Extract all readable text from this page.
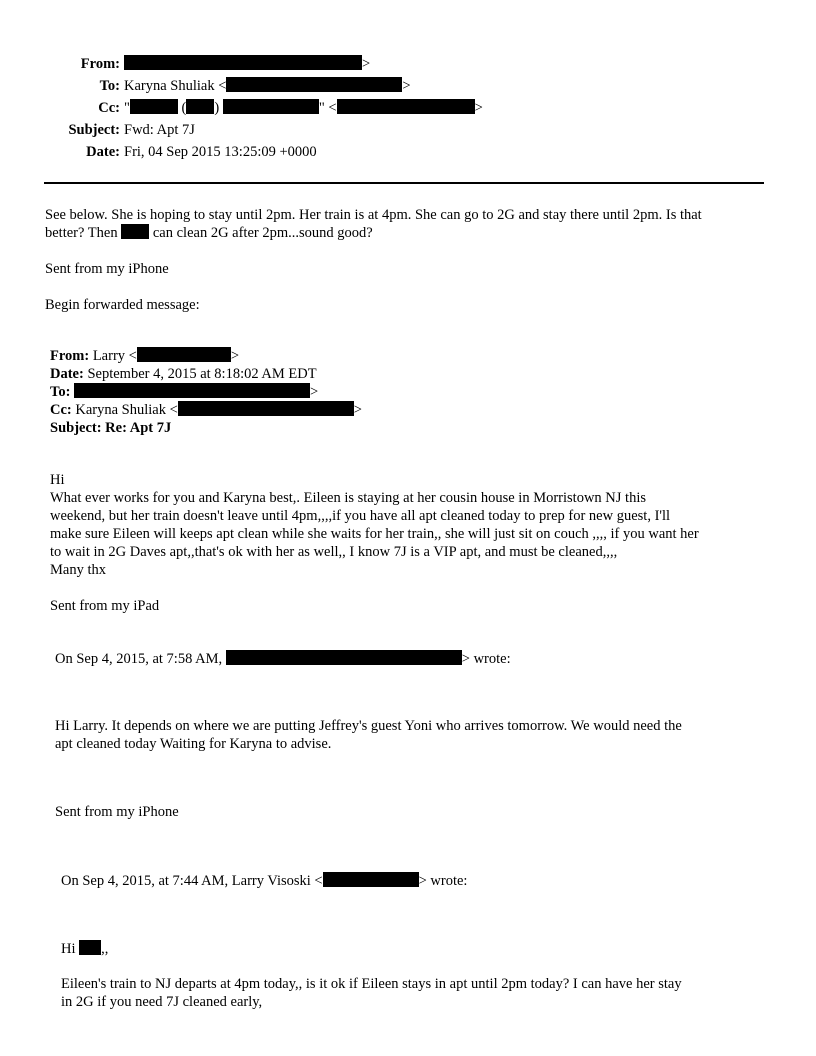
From:	>
To: Karyna Shuliak <	>
Cc: "	( )	" <	>
Subject: Fwd: Apt 7J
Date: Fri, 04 Sep 2015 13:25:09 +0000
See below. She is hoping to stay until 2pm. Her train is at 4pm. She can go to 2G and stay there until 2pm. Is that
better? Then  can clean 2G after 2pm...sound good?
Sent from my iPhone
Begin forwarded message:
From: Larry <	>
Date: September 4, 2015 at 8:18:02 AM EDT
To:	>
Cc: Karyna Shuliak <	>
Subject: Re: Apt 7J
Hi
What ever works for you and Karyna best,. Eileen is staying at her cousin house in Morristown NJ this
weekend, but her train doesn't leave until 4pm,,,,if you have all apt cleaned today to prep for new guest, I'll
make sure Eileen will keeps apt clean while she waits for her train,, she will just sit on couch ,,,, if you want her
to wait in 2G Daves apt,,that's ok with her as well,, I know 7J is a VIP apt, and must be cleaned,,,,
Many thx
Sent from my iPad
On Sep 4, 2015, at 7:58 AM,	> wrote:
Hi Larry. It depends on where we are putting Jeffrey's guest Yoni who arrives tomorrow. We would need the
apt cleaned today Waiting for Karyna to advise.
Sent from my iPhone
On Sep 4, 2015, at 7:44 AM, Larry Visoski <	> wrote:
Hi ,,
Eileen's train to NJ departs at 4pm today,, is it ok if Eileen stays in apt until 2pm today? I can have her stay
in 2G if you need 7J cleaned early,
